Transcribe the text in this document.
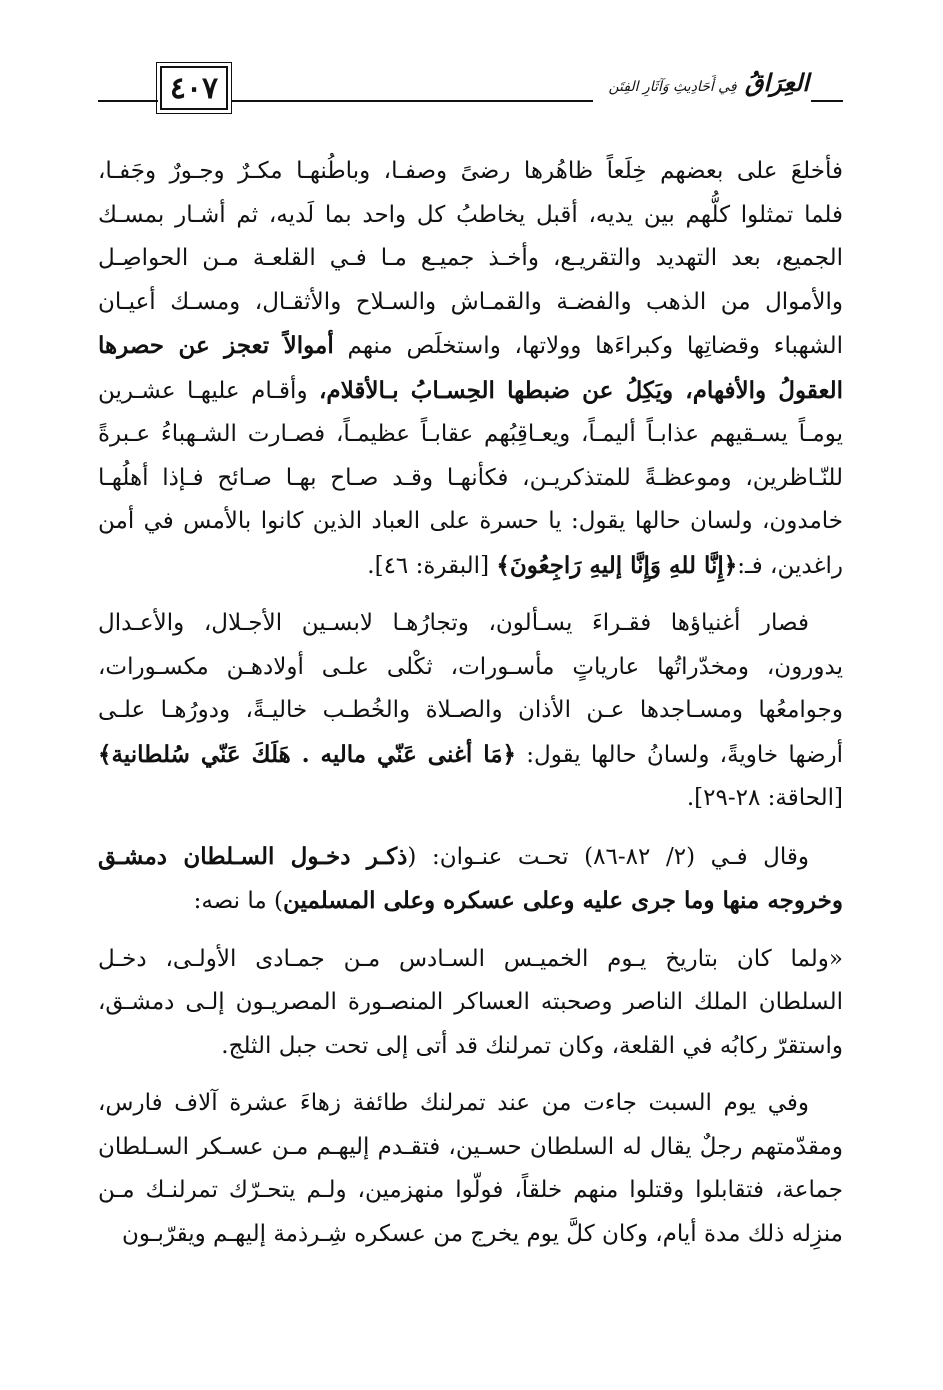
٤٠٧	العِرَاقُ فِي أَحَادِيثِ وَآثَارِ الفِتَن
فأخلعَ على بعضهم خِلَعاً ظاهُرها رضىً وصفـا، وباطُنهـا مكـرٌ وجـورٌ وجَفـا،
فلما تمثلوا كلُّهم بين يديه، أقبل يخاطبُ كل واحد بما لَديه، ثم أشـار بمسـك
الجميع، بعد التهديد والتقريـع، وأخـذ جميـع مـا فـي القلعـة مـن الحواصِـل
والأموال من الذهب والفضـة والقمـاش والسـلاح والأثقـال، ومسـك أعيـان
الشهباء وقضاتِها وكبراءَها وولاتها، واستخلَص منهم أموالاً تعجز عن حصرها
العقولُ والأفهام، ويَكِلُ عن ضبطها الحِسـابُ بـالأقلام، وأقـام عليهـا عشـرين
يومـاً يسـقيهم عذابـاً أليمـاً، ويعـاقِبُهم عقابـاً عظيمـاً، فصـارت الشـهباءُ عـبرةً
للنّـاظرين، وموعظـةً للمتذكريـن، فكأنهـا وقـد صـاح بهـا صـائح فـإذا أهلُهـا
خامدون، ولسان حالها يقول: يا حسرة على العباد الذين كانوا بالأمس في أمن
راغدين، فـ:﴿إِنَّا للهِ وَإِنَّا إليهِ رَاجِعُونَ﴾ [البقرة: ٤٦].
فصار أغنياؤها فقـراءَ يسـألون، وتجارُهـا لابسـين الأجـلال، والأعـدال
يدورون، ومخدّراتُها عارياتٍ مأسـورات، ثكْلى علـى أولادهـن مكسـورات،
وجوامعُها ومسـاجدها عـن الأذان والصـلاة والخُطـب خاليـةً، ودورُهـا علـى
أرضها خاويةً، ولسانُ حالها يقول: ﴿مَا أغنى عَنّي ماليه . هَلَكَ عَنّي سُلطانية﴾
[الحاقة: ٢٨-٢٩].
وقال فـي (٢/ ٨٢-٨٦) تحـت عنـوان: (ذكـر دخـول السـلطان دمشـق
وخروجه منها وما جرى عليه وعلى عسكره وعلى المسلمين) ما نصه:
«ولما كان بتاريخ يـوم الخميـس السـادس مـن جمـادى الأولـى، دخـل
السلطان الملك الناصر وصحبته العساكر المنصـورة المصريـون إلـى دمشـق،
واستقرّ ركابُه في القلعة، وكان تمرلنك قد أتى إلى تحت جبل الثلج.
وفي يوم السبت جاءت من عند تمرلنك طائفة زهاءَ عشرة آلاف فارس،
ومقدّمتهم رجلٌ يقال له السلطان حسـين، فتقـدم إليهـم مـن عسـكر السـلطان
جماعة، فتقابلوا وقتلوا منهم خلقاً، فولّوا منهزمين، ولـم يتحـرّك تمرلنـك مـن
منزِله ذلك مدة أيام، وكان كلَّ يوم يخرج من عسكره شِـرذمة إليهـم ويقرّبـون
